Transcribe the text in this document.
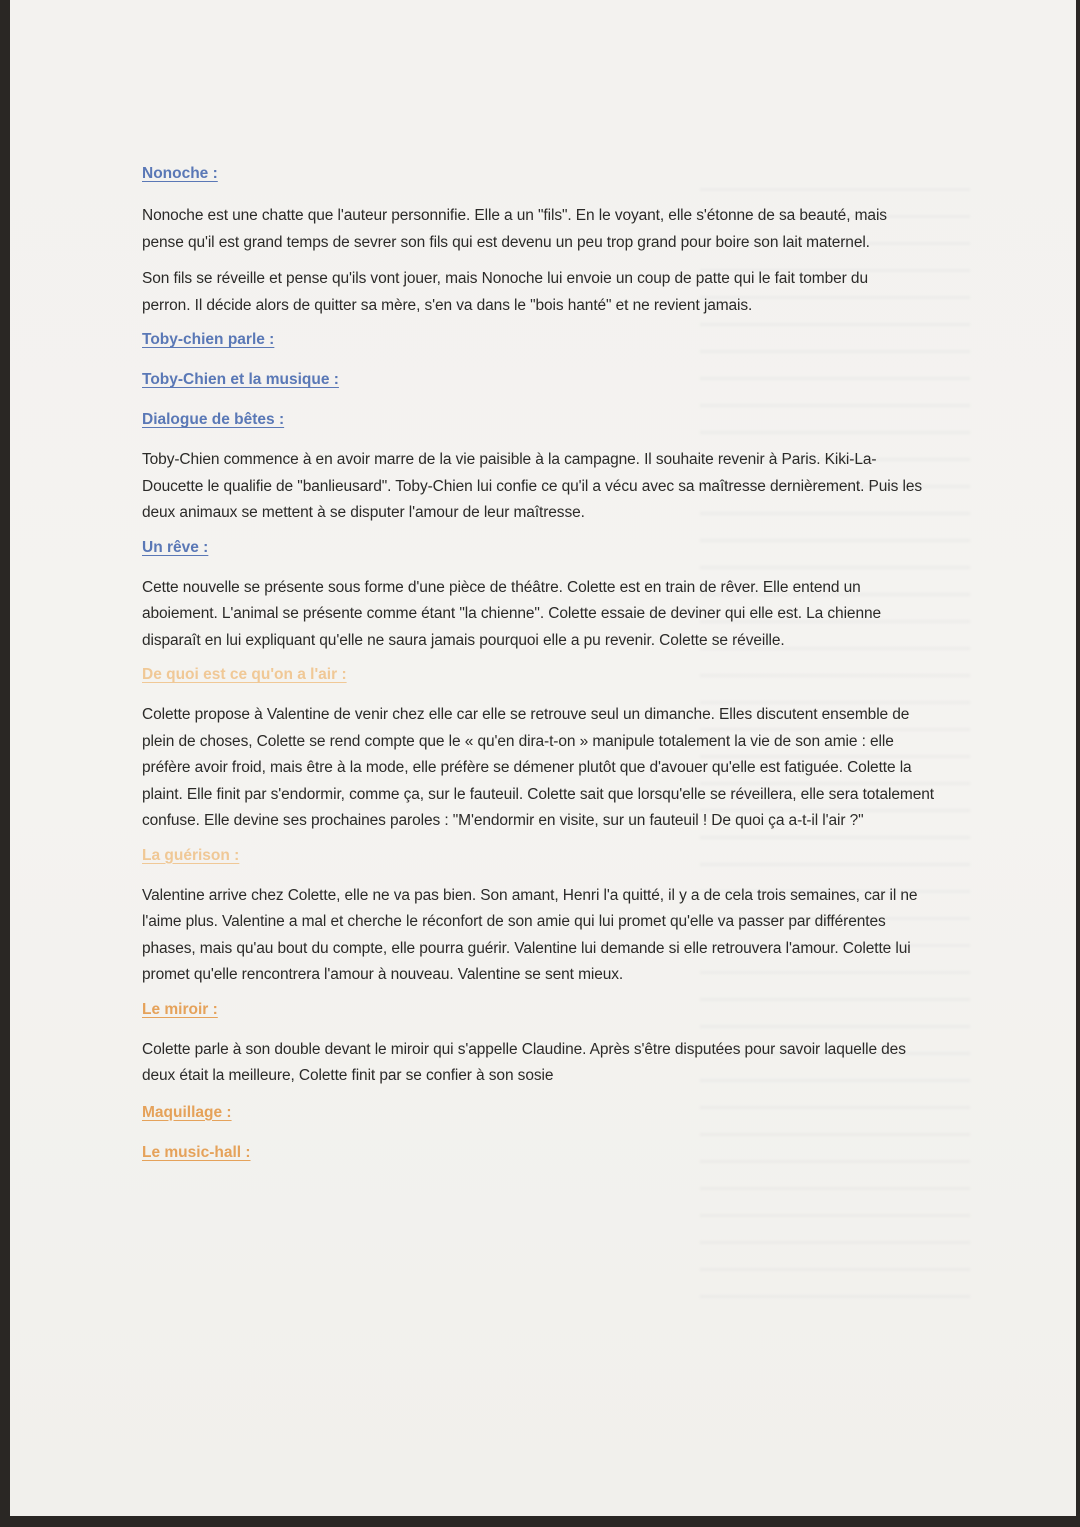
Nonoche :

Nonoche est une chatte que l'auteur personnifie. Elle a un "fils". En le voyant, elle s'étonne de sa beauté, mais pense qu'il est grand temps de sevrer son fils qui est devenu un peu trop grand pour boire son lait maternel.

Son fils se réveille et pense qu'ils vont jouer, mais Nonoche lui envoie un coup de patte qui le fait tomber du perron. Il décide alors de quitter sa mère, s'en va dans le "bois hanté" et ne revient jamais.

Toby-chien parle :

Toby-Chien et la musique :

Dialogue de bêtes :

Toby-Chien commence à en avoir marre de la vie paisible à la campagne. Il souhaite revenir à Paris. Kiki-La-Doucette le qualifie de "banlieusard". Toby-Chien lui confie ce qu'il a vécu avec sa maîtresse dernièrement. Puis les deux animaux se mettent à se disputer l'amour de leur maîtresse.

Un rêve :

Cette nouvelle se présente sous forme d'une pièce de théâtre. Colette est en train de rêver. Elle entend un aboiement. L'animal se présente comme étant "la chienne". Colette essaie de deviner qui elle est. La chienne disparaît en lui expliquant qu'elle ne saura jamais pourquoi elle a pu revenir. Colette se réveille.

De quoi est ce qu'on a l'air :

Colette propose à Valentine de venir chez elle car elle se retrouve seul un dimanche. Elles discutent ensemble de plein de choses, Colette se rend compte que le « qu'en dira-t-on » manipule totalement la vie de son amie : elle préfère avoir froid, mais être à la mode, elle préfère se démener plutôt que d'avouer qu'elle est fatiguée. Colette la plaint. Elle finit par s'endormir, comme ça, sur le fauteuil. Colette sait que lorsqu'elle se réveillera, elle sera totalement confuse. Elle devine ses prochaines paroles : "M'endormir en visite, sur un fauteuil ! De quoi ça a-t-il l'air ?"

La guérison :

Valentine arrive chez Colette, elle ne va pas bien. Son amant, Henri l'a quitté, il y a de cela trois semaines, car il ne l'aime plus. Valentine a mal et cherche le réconfort de son amie qui lui promet qu'elle va passer par différentes phases, mais qu'au bout du compte, elle pourra guérir. Valentine lui demande si elle retrouvera l'amour. Colette lui promet qu'elle rencontrera l'amour à nouveau. Valentine se sent mieux.

Le miroir :

Colette parle à son double devant le miroir qui s'appelle Claudine. Après s'être disputées pour savoir laquelle des deux était la meilleure, Colette finit par se confier à son sosie

Maquillage :

Le music-hall :
